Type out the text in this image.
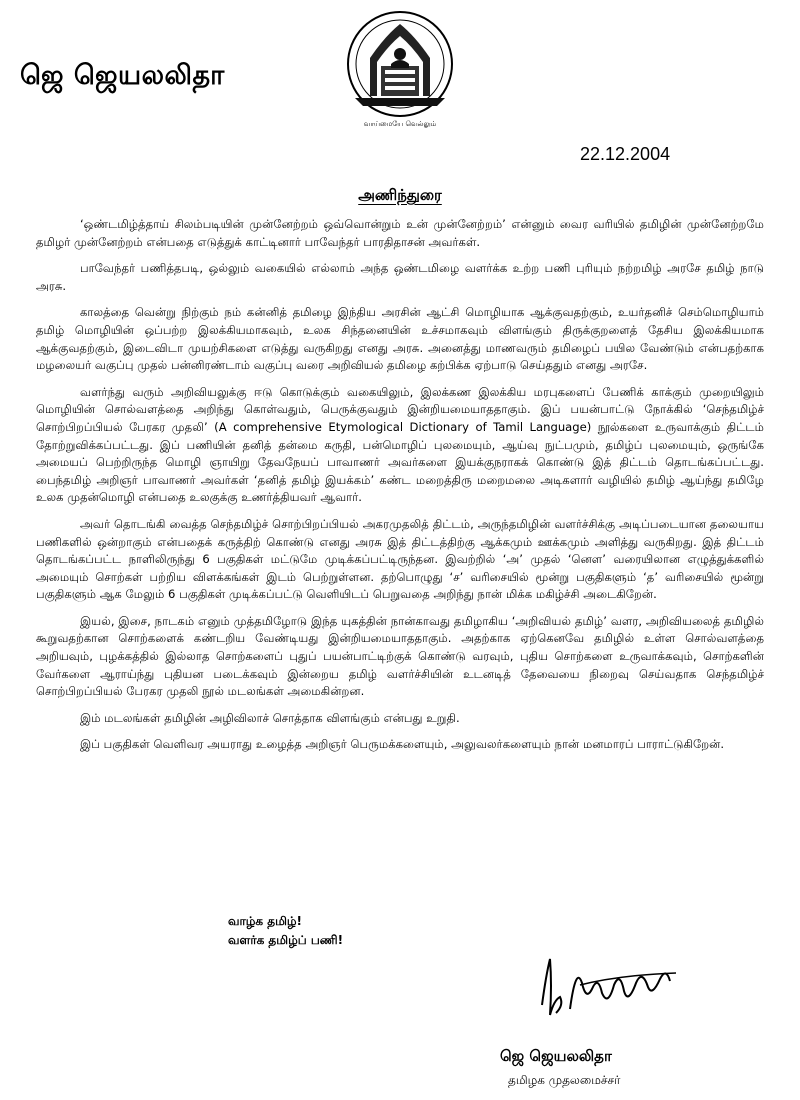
ஜெ ஜெயலலிதா
வாய்மையே வெல்லும்
22.12.2004
அணிந்துரை

‘ஒண்டமிழ்த்தாய் சிலம்படியின் முன்னேற்றம் ஒவ்வொன்றும் உன் முன்னேற்றம்’ என்னும் வைர வரியில் தமிழின் முன்னேற்றமே தமிழர் முன்னேற்றம் என்பதை எடுத்துக் காட்டினார் பாவேந்தர் பாரதிதாசன் அவர்கள்.

பாவேந்தர் பணித்தபடி, ஒல்லும் வகையில் எல்லாம் அந்த ஒண்டமிழை வளர்க்க உற்ற பணி புரியும் நற்றமிழ் அரசே தமிழ் நாடு அரசு.

காலத்தை வென்று நிற்கும் நம் கன்னித் தமிழை இந்திய அரசின் ஆட்சி மொழியாக ஆக்குவதற்கும், உயர்தனிச் செம்மொழியாம் தமிழ் மொழியின் ஒப்பற்ற இலக்கியமாகவும், உலக சிந்தனையின் உச்சமாகவும் விளங்கும் திருக்குறளைத் தேசிய இலக்கியமாக ஆக்குவதற்கும், இடைவிடா முயற்சிகளை எடுத்து வருகிறது எனது அரசு. அனைத்து மாணவரும் தமிழைப் பயில வேண்டும் என்பதற்காக மழலையர் வகுப்பு முதல் பன்னிரண்டாம் வகுப்பு வரை அறிவியல் தமிழை கற்பிக்க ஏற்பாடு செய்ததும் எனது அரசே.

வளர்ந்து வரும் அறிவியலுக்கு ஈடு கொடுக்கும் வகையிலும், இலக்கண இலக்கிய மரபுகளைப் பேணிக் காக்கும் முறையிலும் மொழியின் சொல்வளத்தை அறிந்து கொள்வதும், பெருக்குவதும் இன்றியமையாததாகும். இப் பயன்பாட்டு நோக்கில் ‘செந்தமிழ்ச் சொற்பிறப்பியல் பேரகர முதலி’ (A comprehensive Etymological Dictionary of Tamil Language) நூல்களை உருவாக்கும் திட்டம் தோற்றுவிக்கப்பட்டது. இப் பணியின் தனித் தன்மை கருதி, பன்மொழிப் புலமையும், ஆய்வு நுட்பமும், தமிழ்ப் புலமையும், ஒருங்கே அமையப் பெற்றிருந்த மொழி ஞாயிறு தேவநேயப் பாவாணர் அவர்களை இயக்குநராகக் கொண்டு இத் திட்டம் தொடங்கப்பட்டது. பைந்தமிழ் அறிஞர் பாவாணர் அவர்கள் ‘தனித் தமிழ் இயக்கம்’ கண்ட மறைத்திரு மறைமலை அடிகளார் வழியில் தமிழ் ஆய்ந்து தமிழே உலக முதன்மொழி என்பதை உலகுக்கு உணர்த்தியவர் ஆவார்.

அவர் தொடங்கி வைத்த செந்தமிழ்ச் சொற்பிறப்பியல் அகரமுதலித் திட்டம், அருந்தமிழின் வளர்ச்சிக்கு அடிப்படையான தலையாய பணிகளில் ஒன்றாகும் என்பதைக் கருத்திற் கொண்டு எனது அரசு இத் திட்டத்திற்கு ஆக்கமும் ஊக்கமும் அளித்து வருகிறது. இத் திட்டம் தொடங்கப்பட்ட நாளிலிருந்து 6 பகுதிகள் மட்டுமே முடிக்கப்பட்டிருந்தன. இவற்றில் ‘அ’ முதல் ‘னௌ’ வரையிலான எழுத்துக்களில் அமையும் சொற்கள் பற்றிய விளக்கங்கள் இடம் பெற்றுள்ளன. தற்பொழுது ‘ச’ வரிசையில் மூன்று பகுதிகளும் ‘த’ வரிசையில் மூன்று பகுதிகளும் ஆக மேலும் 6 பகுதிகள் முடிக்கப்பட்டு வெளியிடப் பெறுவதை அறிந்து நான் மிக்க மகிழ்ச்சி அடைகிறேன்.

இயல், இசை, நாடகம் எனும் முத்தமிழோடு இந்த யுகத்தின் நான்காவது தமிழாகிய ‘அறிவியல் தமிழ்’ வளர, அறிவியலைத் தமிழில் கூறுவதற்கான சொற்களைக் கண்டறிய வேண்டியது இன்றியமையாததாகும். அதற்காக ஏற்கெனவே தமிழில் உள்ள சொல்வளத்தை அறியவும், புழக்கத்தில் இல்லாத சொற்களைப் புதுப் பயன்பாட்டிற்குக் கொண்டு வரவும், புதிய சொற்களை உருவாக்கவும், சொற்களின் வேர்களை ஆராய்ந்து புதியன படைக்கவும் இன்றைய தமிழ் வளர்ச்சியின் உடனடித் தேவையை நிறைவு செய்வதாக செந்தமிழ்ச் சொற்பிறப்பியல் பேரகர முதலி நூல் மடலங்கள் அமைகின்றன.

இம் மடலங்கள் தமிழின் அழிவிலாச் சொத்தாக விளங்கும் என்பது உறுதி.

இப் பகுதிகள் வெளிவர அயராது உழைத்த அறிஞர் பெருமக்களையும், அலுவலர்களையும் நான் மனமாரப் பாராட்டுகிறேன்.

வாழ்க தமிழ்!
வளர்க தமிழ்ப் பணி!
ஜெ ஜெயலலிதா
தமிழக முதலமைச்சர்
